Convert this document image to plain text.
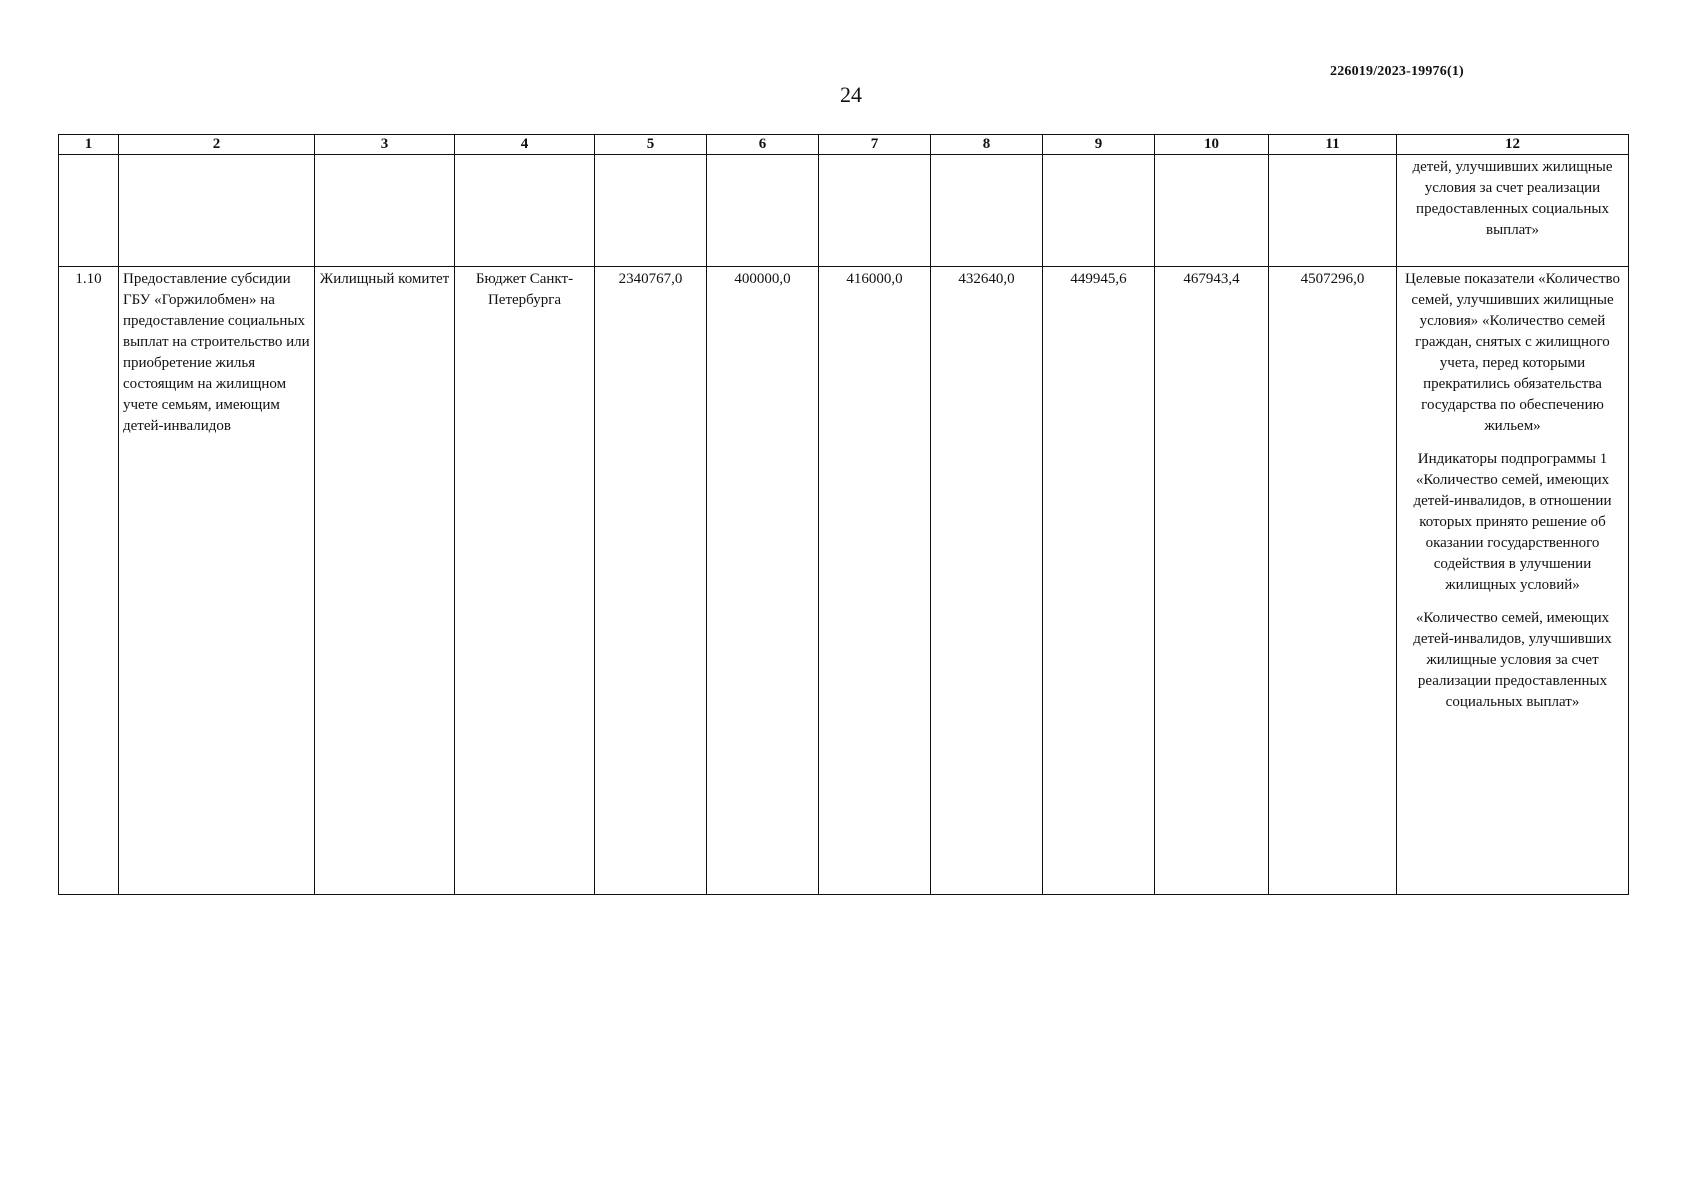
226019/2023-19976(1)
24
1	2	3	4	5	6	7	8	9	10	11	12
											детей, улучшивших жилищные условия за счет реализации предоставленных социальных выплат»
1.10	Предоставление субсидии ГБУ «Горжилобмен» на предоставление социальных выплат на строительство или приобретение жилья состоящим на жилищном учете семьям, имеющим детей-инвалидов	Жилищный комитет	Бюджет Санкт-Петербурга	2340767,0	400000,0	416000,0	432640,0	449945,6	467943,4	4507296,0	Целевые показатели «Количество семей, улучшивших жилищные условия» «Количество семей граждан, снятых с жилищного учета, перед которыми прекратились обязательства государства по обеспечению жильем»
Индикаторы подпрограммы 1 «Количество семей, имеющих детей-инвалидов, в отношении которых принято решение об оказании государственного содействия в улучшении жилищных условий»
«Количество семей, имеющих детей-инвалидов, улучшивших жилищные условия за счет реализации предоставленных социальных выплат»
